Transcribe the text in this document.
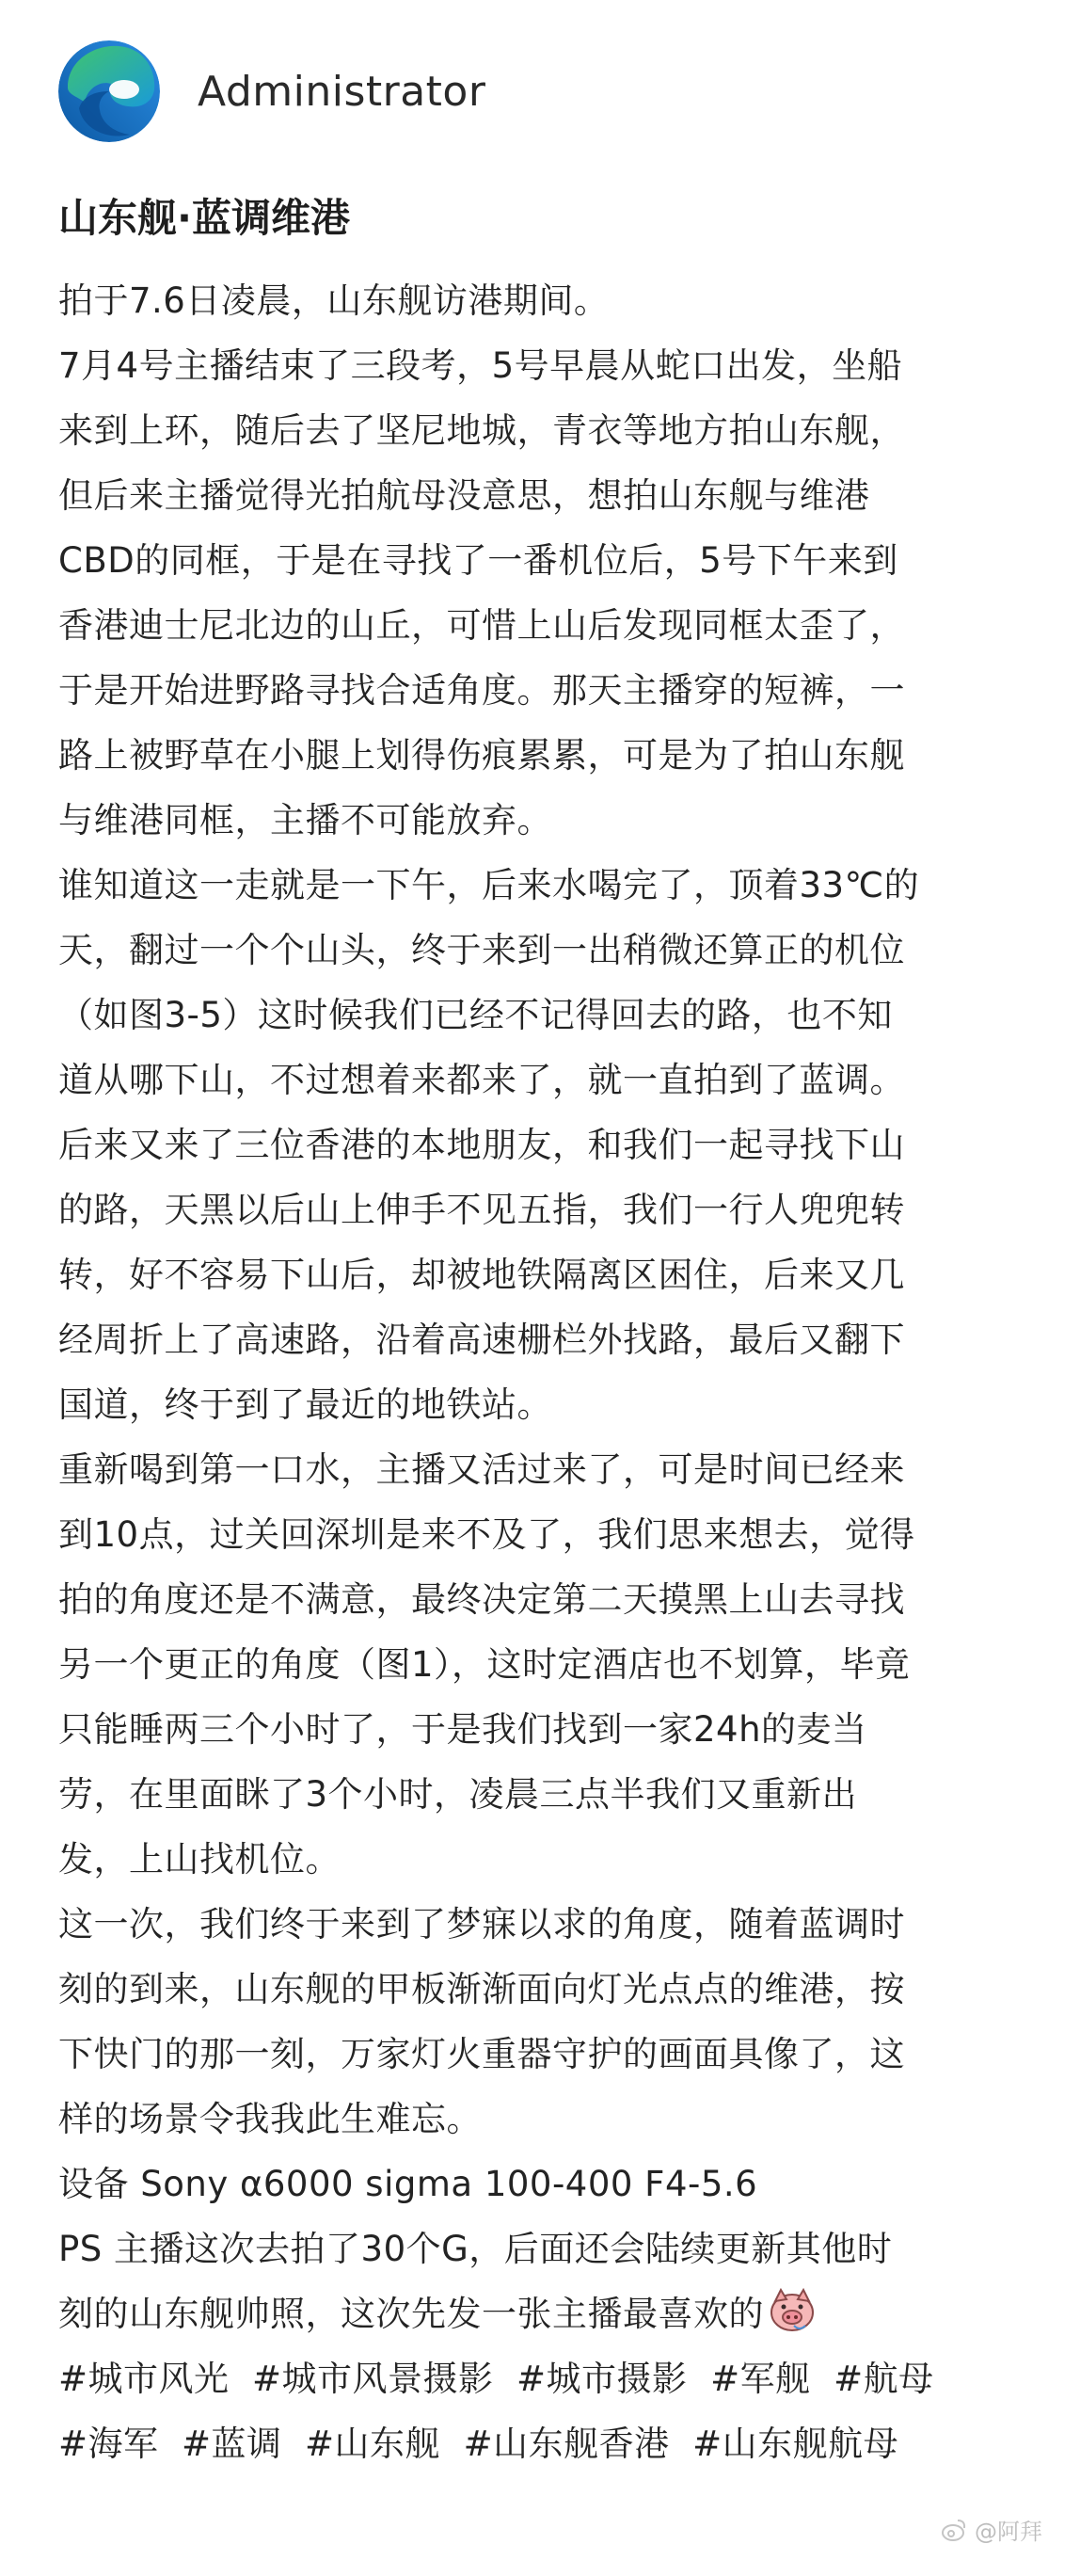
Administrator
山东舰·蓝调维港
拍于7.6日凌晨，山东舰访港期间。
7月4号主播结束了三段考，5号早晨从蛇口出发，坐船
来到上环，随后去了坚尼地城，青衣等地方拍山东舰，
但后来主播觉得光拍航母没意思，想拍山东舰与维港
CBD的同框，于是在寻找了一番机位后，5号下午来到
香港迪士尼北边的山丘，可惜上山后发现同框太歪了，
于是开始进野路寻找合适角度。那天主播穿的短裤，一
路上被野草在小腿上划得伤痕累累，可是为了拍山东舰
与维港同框，主播不可能放弃。
谁知道这一走就是一下午，后来水喝完了，顶着33℃的
天，翻过一个个山头，终于来到一出稍微还算正的机位
（如图3-5）这时候我们已经不记得回去的路，也不知
道从哪下山，不过想着来都来了，就一直拍到了蓝调。
后来又来了三位香港的本地朋友，和我们一起寻找下山
的路，天黑以后山上伸手不见五指，我们一行人兜兜转
转，好不容易下山后，却被地铁隔离区困住，后来又几
经周折上了高速路，沿着高速栅栏外找路，最后又翻下
国道，终于到了最近的地铁站。
重新喝到第一口水，主播又活过来了，可是时间已经来
到10点，过关回深圳是来不及了，我们思来想去，觉得
拍的角度还是不满意，最终决定第二天摸黑上山去寻找
另一个更正的角度（图1），这时定酒店也不划算，毕竟
只能睡两三个小时了，于是我们找到一家24h的麦当
劳，在里面眯了3个小时，凌晨三点半我们又重新出
发，上山找机位。
这一次，我们终于来到了梦寐以求的角度，随着蓝调时
刻的到来，山东舰的甲板渐渐面向灯光点点的维港，按
下快门的那一刻，万家灯火重器守护的画面具像了，这
样的场景令我我此生难忘。
设备 Sony α6000 sigma 100-400 F4-5.6
PS 主播这次去拍了30个G，后面还会陆续更新其他时
刻的山东舰帅照，这次先发一张主播最喜欢的
#城市风光  #城市风景摄影  #城市摄影  #军舰  #航母
#海军  #蓝调  #山东舰  #山东舰香港  #山东舰航母
@阿拜
